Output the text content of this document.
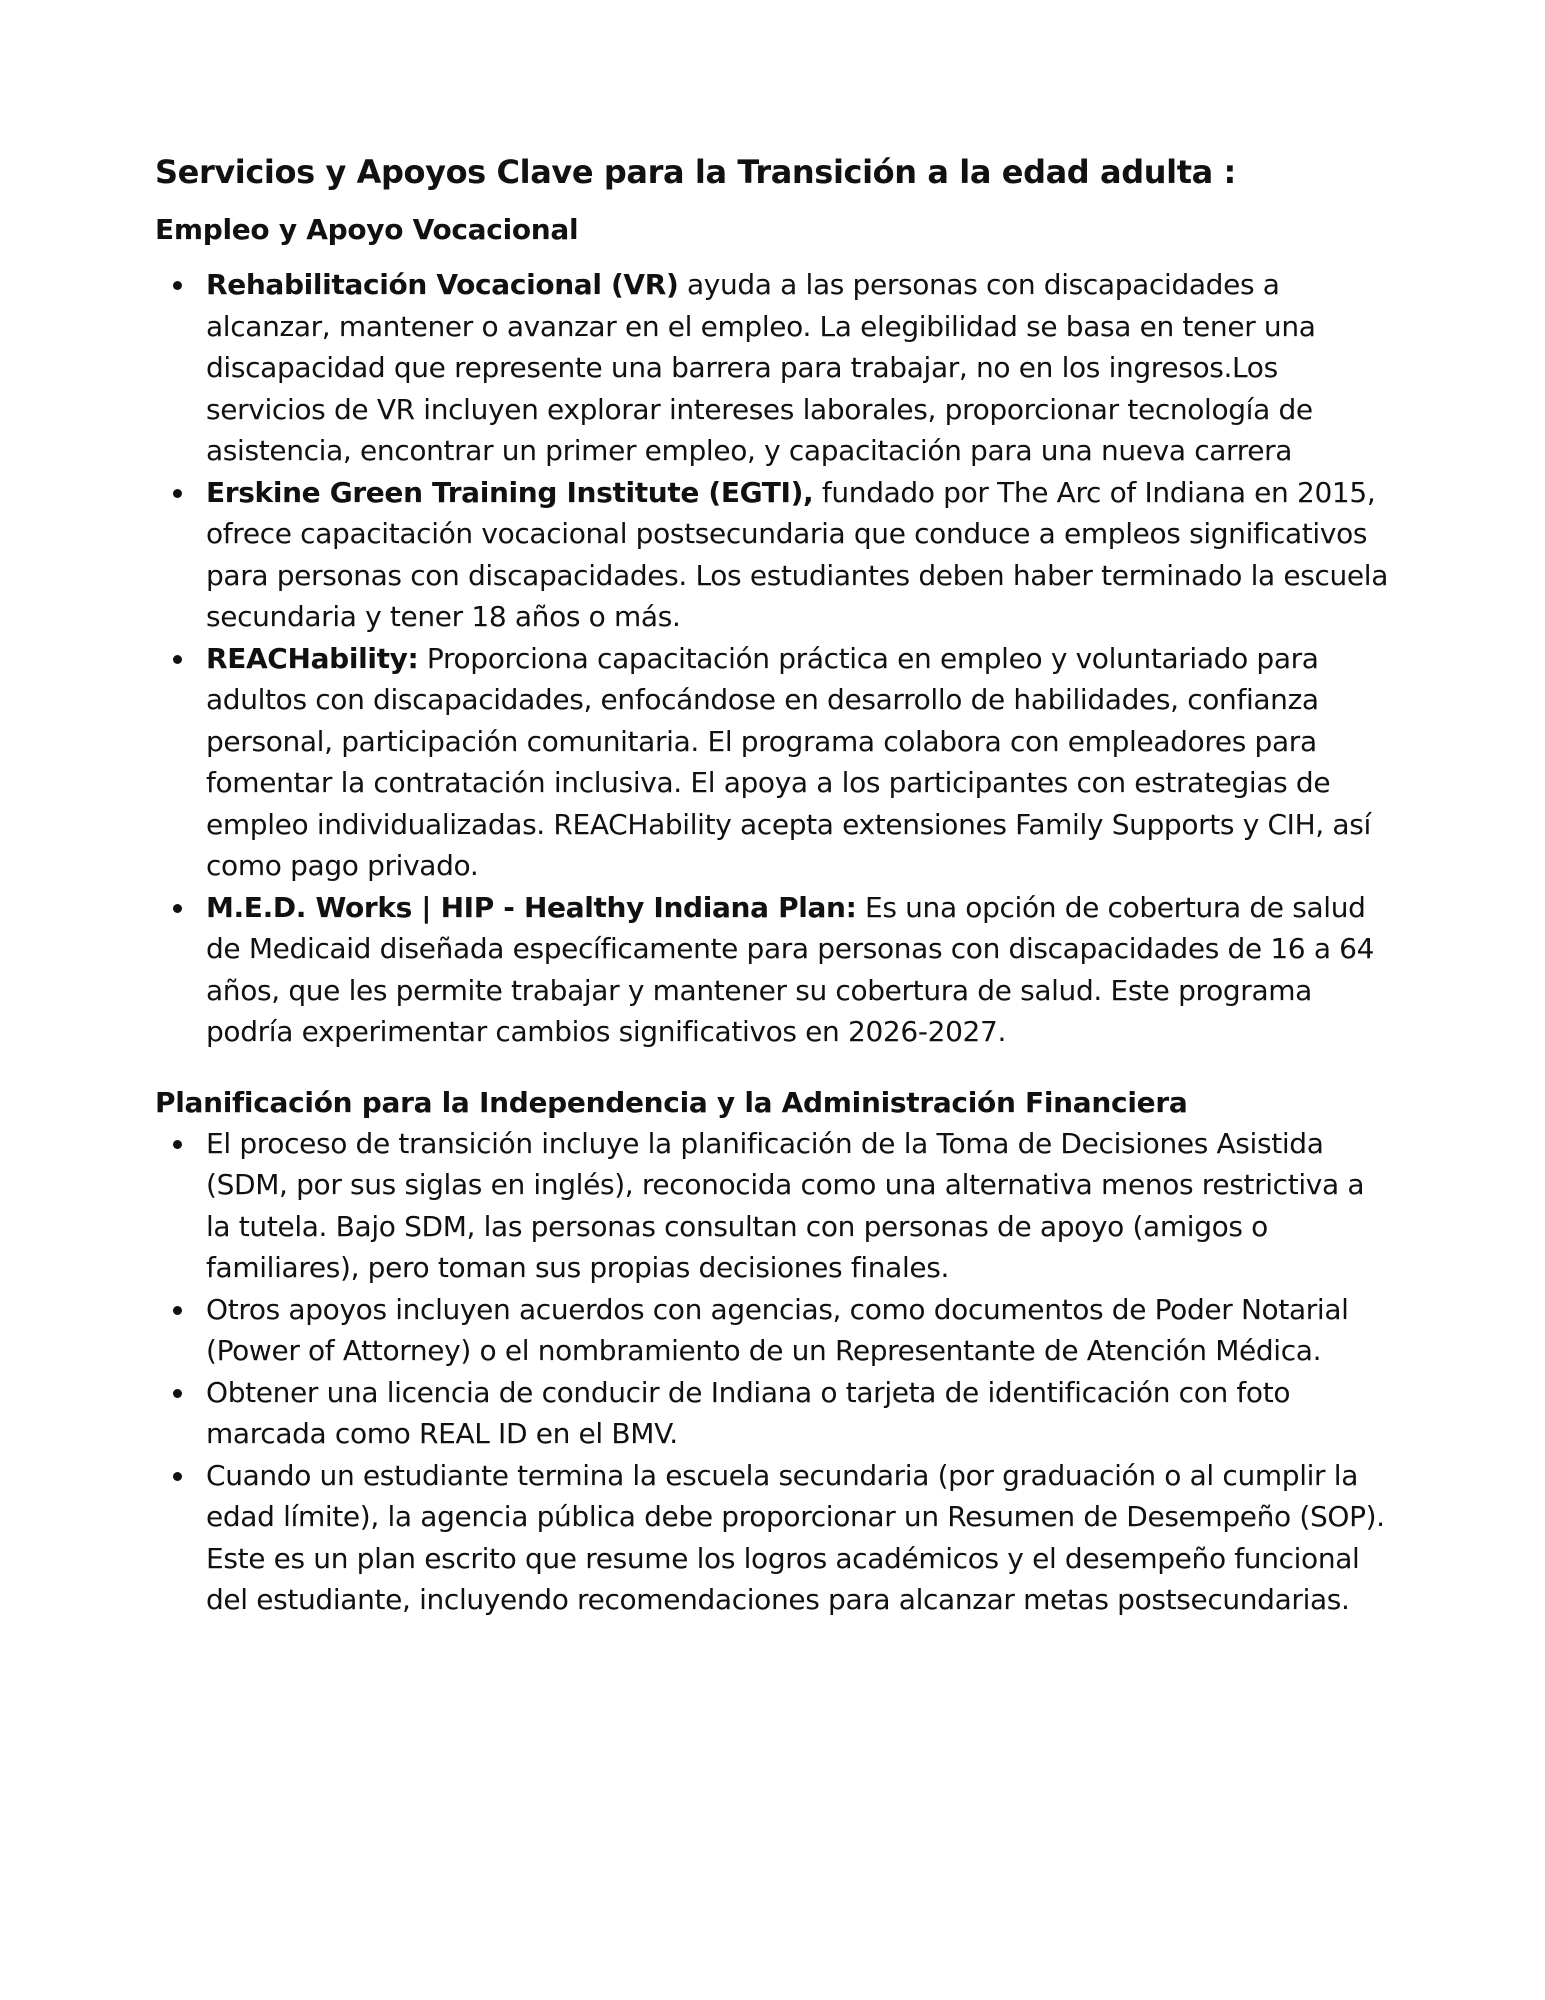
Servicios y Apoyos Clave para la Transición a la edad adulta :
Empleo y Apoyo Vocacional
Rehabilitación Vocacional (VR) ayuda a las personas con discapacidades a alcanzar, mantener o avanzar en el empleo. La elegibilidad se basa en tener una discapacidad que represente una barrera para trabajar, no en los ingresos.Los servicios de VR incluyen explorar intereses laborales, proporcionar tecnología de asistencia, encontrar un primer empleo, y capacitación para una nueva carrera
Erskine Green Training Institute (EGTI), fundado por The Arc of Indiana en 2015, ofrece capacitación vocacional postsecundaria que conduce a empleos significativos para personas con discapacidades. Los estudiantes deben haber terminado la escuela secundaria y tener 18 años o más.
REACHability: Proporciona capacitación práctica en empleo y voluntariado para adultos con discapacidades, enfocándose en desarrollo de habilidades, confianza personal, participación comunitaria. El programa colabora con empleadores para fomentar la contratación inclusiva. El apoya a los participantes con estrategias de empleo individualizadas. REACHability acepta extensiones Family Supports y CIH, así como pago privado.
M.E.D. Works | HIP - Healthy Indiana Plan: Es una opción de cobertura de salud de Medicaid diseñada específicamente para personas con discapacidades de 16 a 64 años, que les permite trabajar y mantener su cobertura de salud. Este programa podría experimentar cambios significativos en 2026-2027.
Planificación para la Independencia y la Administración Financiera
El proceso de transición incluye la planificación de la Toma de Decisiones Asistida (SDM, por sus siglas en inglés), reconocida como una alternativa menos restrictiva a la tutela. Bajo SDM, las personas consultan con personas de apoyo (amigos o familiares), pero toman sus propias decisiones finales.
Otros apoyos incluyen acuerdos con agencias, como documentos de Poder Notarial (Power of Attorney) o el nombramiento de un Representante de Atención Médica.
Obtener una licencia de conducir de Indiana o tarjeta de identificación con foto marcada como REAL ID en el BMV.
Cuando un estudiante termina la escuela secundaria (por graduación o al cumplir la edad límite), la agencia pública debe proporcionar un Resumen de Desempeño (SOP). Este es un plan escrito que resume los logros académicos y el desempeño funcional del estudiante, incluyendo recomendaciones para alcanzar metas postsecundarias.
